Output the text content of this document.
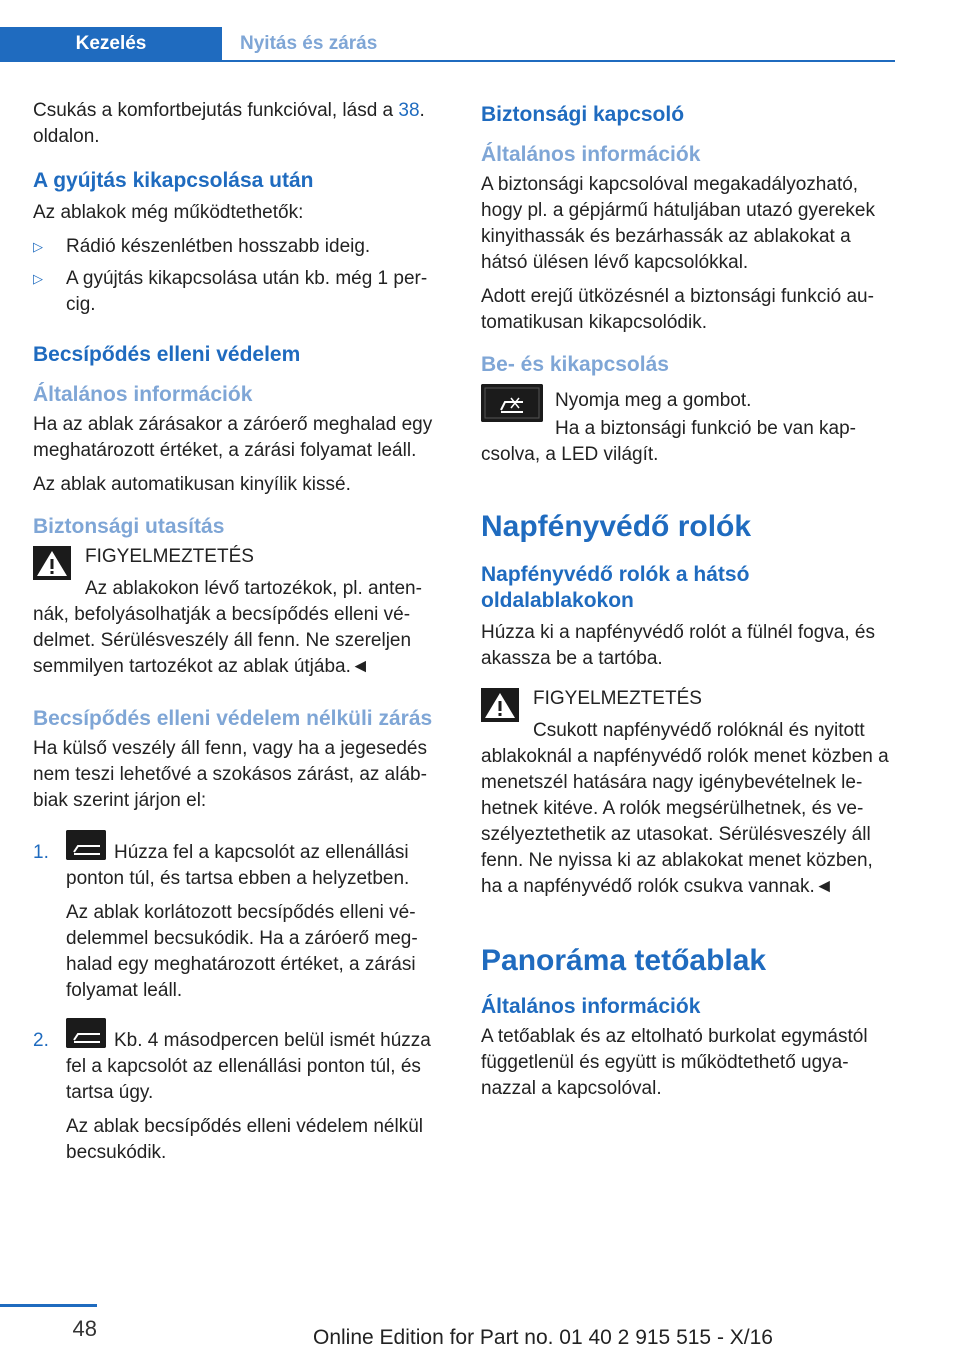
Kezelés	Nyitás és zárás

Csukás a komfortbejutás funkcióval, lásd a 38. oldalon.

A gyújtás kikapcsolása után

Az ablakok még működtethetők:

▷ Rádió készenlétben hosszabb ideig.
▷ A gyújtás kikapcsolása után kb. még 1 per-cig.
Becsípődés elleni védelem
Általános információk

Ha az ablak zárásakor a záróerő meghalad egy meghatározott értéket, a zárási folyamat leáll.

Az ablak automatikusan kinyílik kissé.

Biztonsági utasítás
FIGYELMEZTETÉS

Az ablakokon lévő tartozékok, pl. anten-nák, befolyásolhatják a becsípődés elleni vé-delmet. Sérülésveszély áll fenn. Ne szereljen semmilyen tartozékot az ablak útjába.◄

Becsípődés elleni védelem nélküli zárás

Ha külső veszély áll fenn, vagy ha a jegesedés nem teszi lehetővé a szokásos zárást, az aláb-biak szerint járjon el:

1.	Húzza fel a kapcsolót az ellenállási ponton túl, és tartsa ebben a helyzetben.

Az ablak korlátozott becsípődés elleni vé-delemmel becsukódik. Ha a záróerő meg-halad egy meghatározott értéket, a zárási folyamat leáll.

2.	Kb. 4 másodpercen belül ismét húzza fel a kapcsolót az ellenállási ponton túl, és tartsa úgy.

Az ablak becsípődés elleni védelem nélkül becsukódik.

Biztonsági kapcsoló
Általános információk

A biztonsági kapcsolóval megakadályozható, hogy pl. a gépjármű hátuljában utazó gyerekek kinyithassák és bezárhassák az ablakokat a hátsó ülésen lévő kapcsolókkal.

Adott erejű ütközésnél a biztonsági funkció au-tomatikusan kikapcsolódik.

Be- és kikapcsolás

Nyomja meg a gombot.

Ha a biztonsági funkció be van kap-csolva, a LED világít.

Napfényvédő rolók
Napfényvédő rolók a hátsó oldalablakokon

Húzza ki a napfényvédő rolót a fülnél fogva, és akassza be a tartóba.

FIGYELMEZTETÉS

Csukott napfényvédő rolóknál és nyitott ablakoknál a napfényvédő rolók menet közben a menetszél hatására nagy igénybevételnek le-hetnek kitéve. A rolók megsérülhetnek, és ve-szélyeztethetik az utasokat. Sérülésveszély áll fenn. Ne nyissa ki az ablakokat menet közben, ha a napfényvédő rolók csukva vannak.◄

Panoráma tetőablak
Általános információk

A tetőablak és az eltolható burkolat egymástól függetlenül és együtt is működtethető ugya-nazzal a kapcsolóval.

48	Online Edition for Part no. 01 40 2 915 515 - X/16
